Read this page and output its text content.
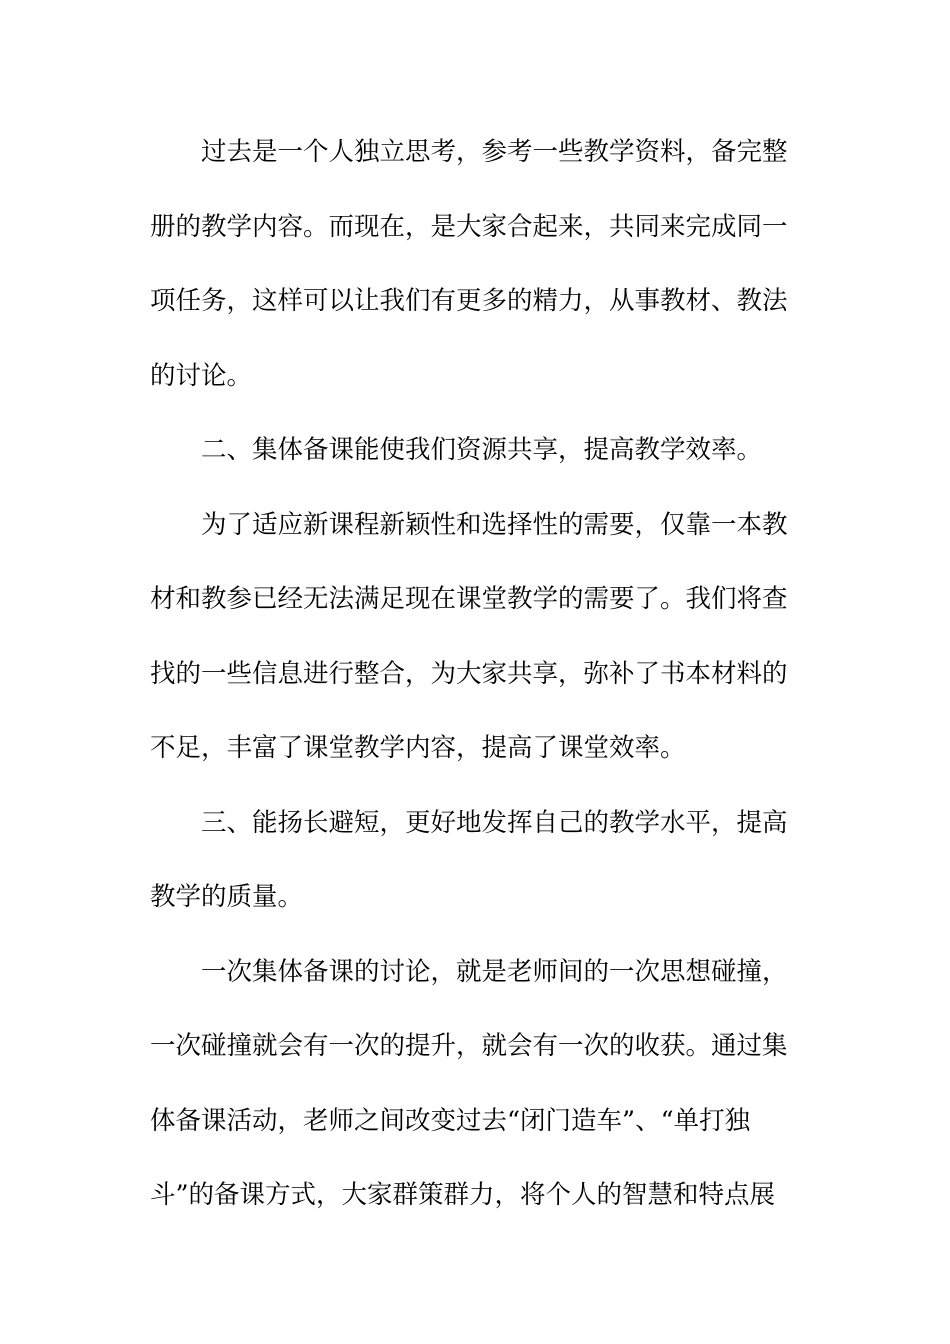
过去是一个人独立思考，参考一些教学资料，备完整
册的教学内容。而现在，是大家合起来，共同来完成同一
项任务，这样可以让我们有更多的精力，从事教材、教法
的讨论。
二、集体备课能使我们资源共享，提高教学效率。
为了适应新课程新颖性和选择性的需要，仅靠一本教
材和教参已经无法满足现在课堂教学的需要了。我们将查
找的一些信息进行整合，为大家共享，弥补了书本材料的
不足，丰富了课堂教学内容，提高了课堂效率。
三、能扬长避短，更好地发挥自己的教学水平，提高
教学的质量。
一次集体备课的讨论，就是老师间的一次思想碰撞，
一次碰撞就会有一次的提升，就会有一次的收获。通过集
体备课活动，老师之间改变过去“闭门造车”、“单打独
斗”的备课方式，大家群策群力，将个人的智慧和特点展
